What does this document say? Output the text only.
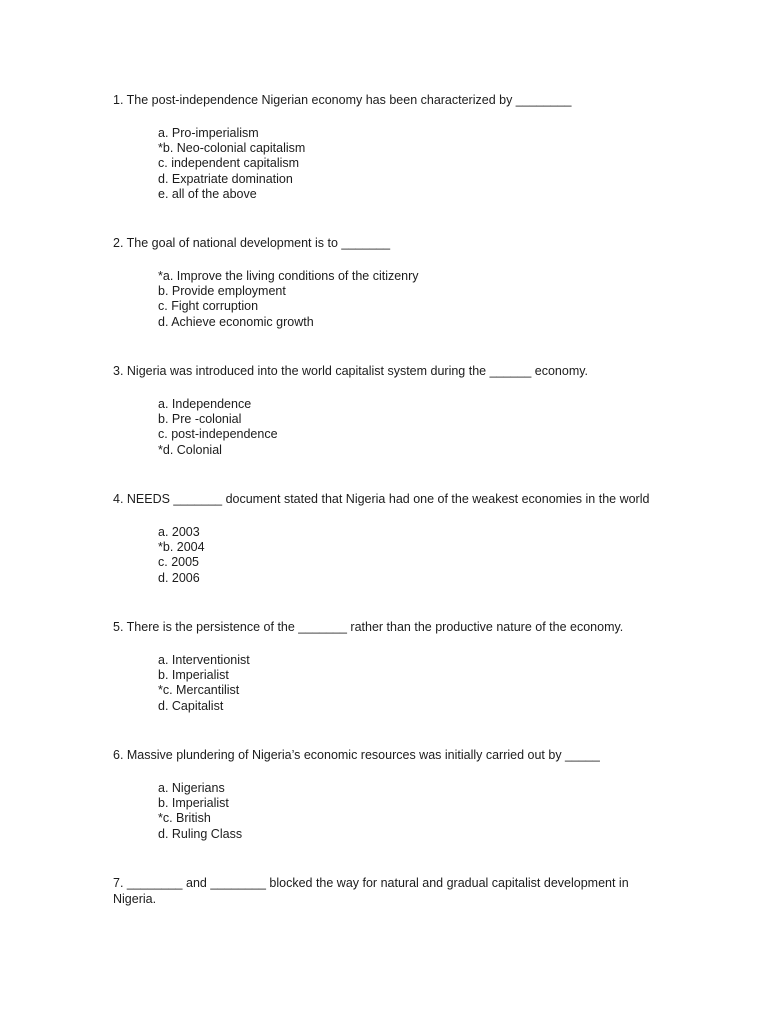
1. The post-independence Nigerian economy has been characterized by ________

a. Pro-imperialism
*b. Neo-colonial capitalism
c. independent capitalism
d. Expatriate domination
e. all of the above

2. The goal of national development is to _______

*a. Improve the living conditions of the citizenry
b. Provide employment
c. Fight corruption
d. Achieve economic growth

3. Nigeria was introduced into the world capitalist system during the ______ economy.

a. Independence
b. Pre -colonial
c. post-independence
*d. Colonial

4. NEEDS _______ document stated that Nigeria had one of the weakest economies in the world

a. 2003
*b. 2004
c. 2005
d. 2006

5. There is the persistence of the _______ rather than the productive nature of the economy.

a. Interventionist
b. Imperialist
*c. Mercantilist
d. Capitalist

6. Massive plundering of Nigeria’s economic resources was initially carried out by _____

a. Nigerians
b. Imperialist
*c. British
d. Ruling Class

7. ________ and ________ blocked the way for natural and gradual capitalist development in Nigeria.
